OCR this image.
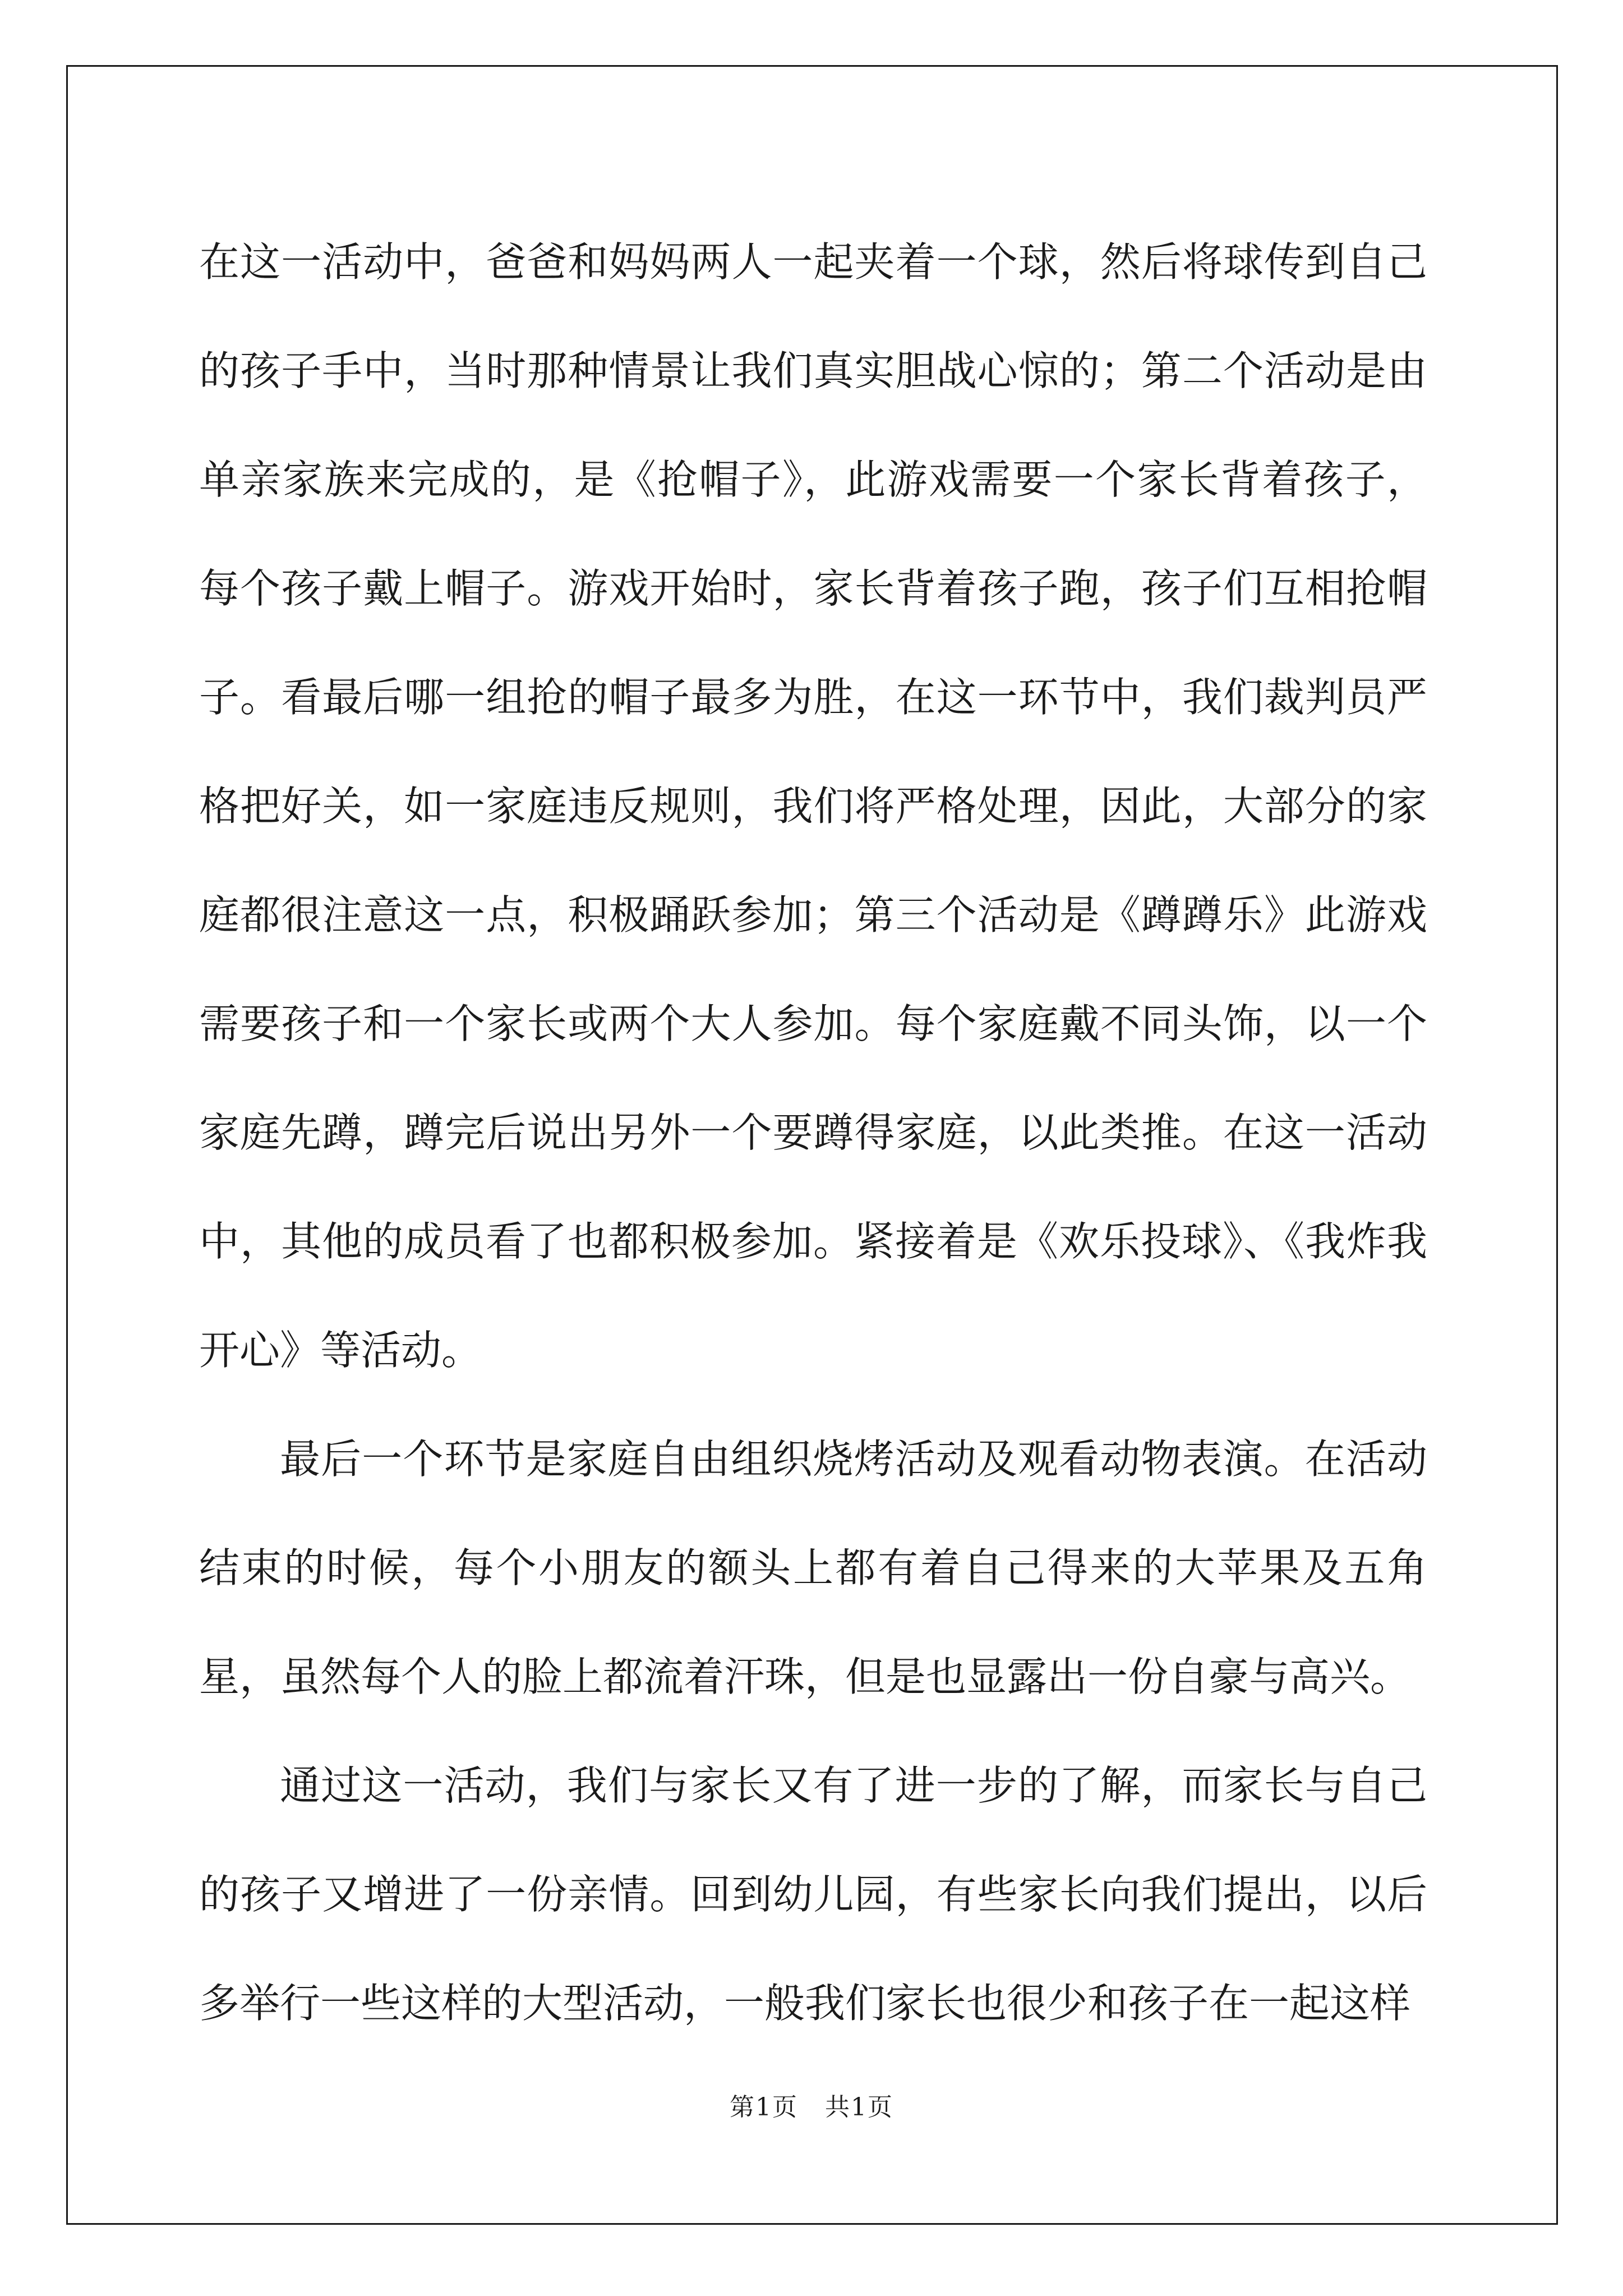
在这一活动中，爸爸和妈妈两人一起夹着一个球，然后将球传到自己的孩子手中，当时那种情景让我们真实胆战心惊的；第二个活动是由单亲家族来完成的，是《抢帽子》，此游戏需要一个家长背着孩子，每个孩子戴上帽子。游戏开始时，家长背着孩子跑，孩子们互相抢帽子。看最后哪一组抢的帽子最多为胜，在这一环节中，我们裁判员严格把好关，如一家庭违反规则，我们将严格处理，因此，大部分的家庭都很注意这一点，积极踊跃参加；第三个活动是《蹲蹲乐》此游戏需要孩子和一个家长或两个大人参加。每个家庭戴不同头饰，以一个家庭先蹲，蹲完后说出另外一个要蹲得家庭，以此类推。在这一活动中，其他的成员看了也都积极参加。紧接着是《欢乐投球》、《我炸我开心》等活动。

最后一个环节是家庭自由组织烧烤活动及观看动物表演。在活动结束的时候，每个小朋友的额头上都有着自己得来的大苹果及五角星，虽然每个人的脸上都流着汗珠，但是也显露出一份自豪与高兴。

通过这一活动，我们与家长又有了进一步的了解，而家长与自己的孩子又增进了一份亲情。回到幼儿园，有些家长向我们提出，以后多举行一些这样的大型活动，一般我们家长也很少和孩子在一起这样

第1页 共1页
